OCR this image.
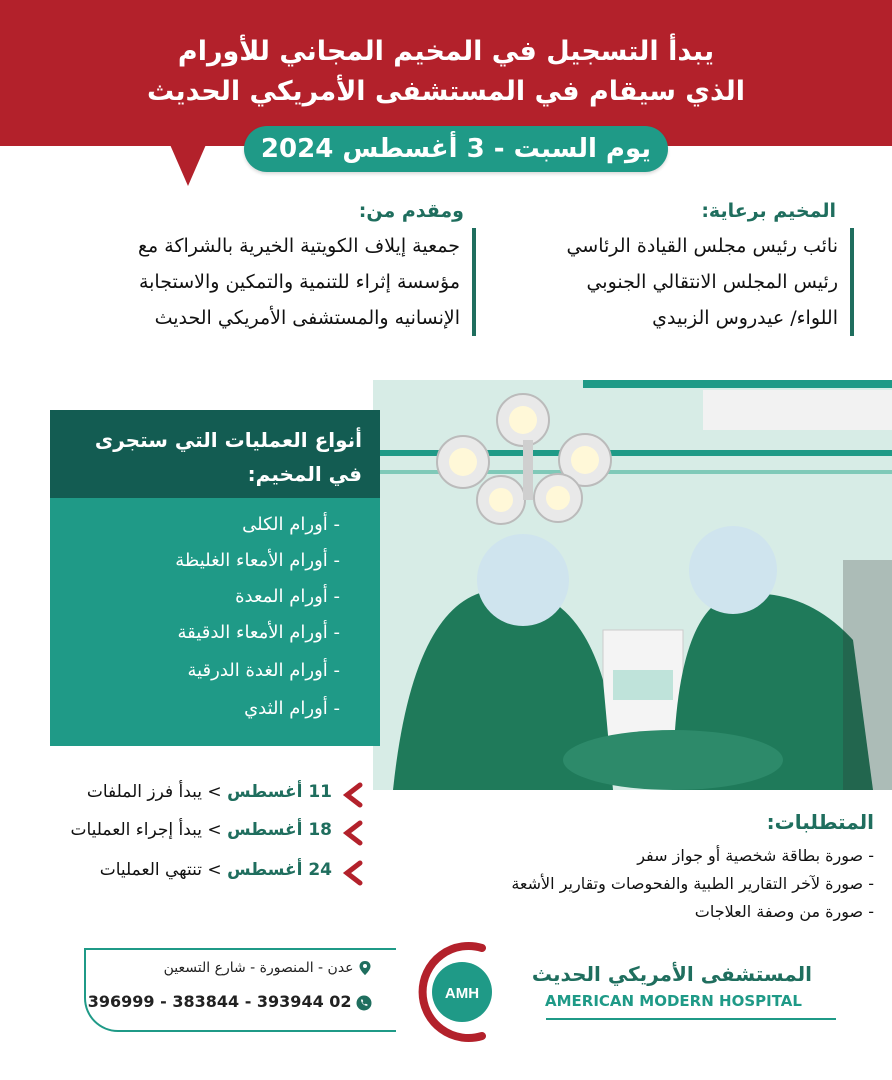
يبدأ التسجيل في المخيم المجاني للأورام
الذي سيقام في المستشفى الأمريكي الحديث
يوم السبت - 3 أغسطس 2024
المخيم برعاية:
نائب رئيس مجلس القيادة الرئاسي
رئيس المجلس الانتقالي الجنوبي
اللواء/ عيدروس الزبيدي
ومقدم من:
جمعية إيلاف الكويتية الخيرية بالشراكة مع
مؤسسة إثراء للتنمية والتمكين والاستجابة
الإنسانيه والمستشفى الأمريكي الحديث
- أورام الكلى
- أورام الأمعاء الغليظة
- أورام المعدة
- أورام الأمعاء الدقيقة
- أورام الغدة الدرقية
- أورام الثدي
أنواع العمليات التي ستجرى
في المخيم:
11 أغسطس > يبدأ فرز الملفات
18 أغسطس > يبدأ إجراء العمليات
24 أغسطس > تنتهي العمليات
المتطلبات:
- صورة بطاقة شخصية أو جواز سفر
- صورة لآخر التقارير الطبية والفحوصات وتقارير الأشعة
- صورة من وصفة العلاجات
عدن - المنصورة - شارع التسعين
02 393944 - 383844 - 396999	AMH
المستشفى الأمريكي الحديث
AMERICAN MODERN HOSPITAL
